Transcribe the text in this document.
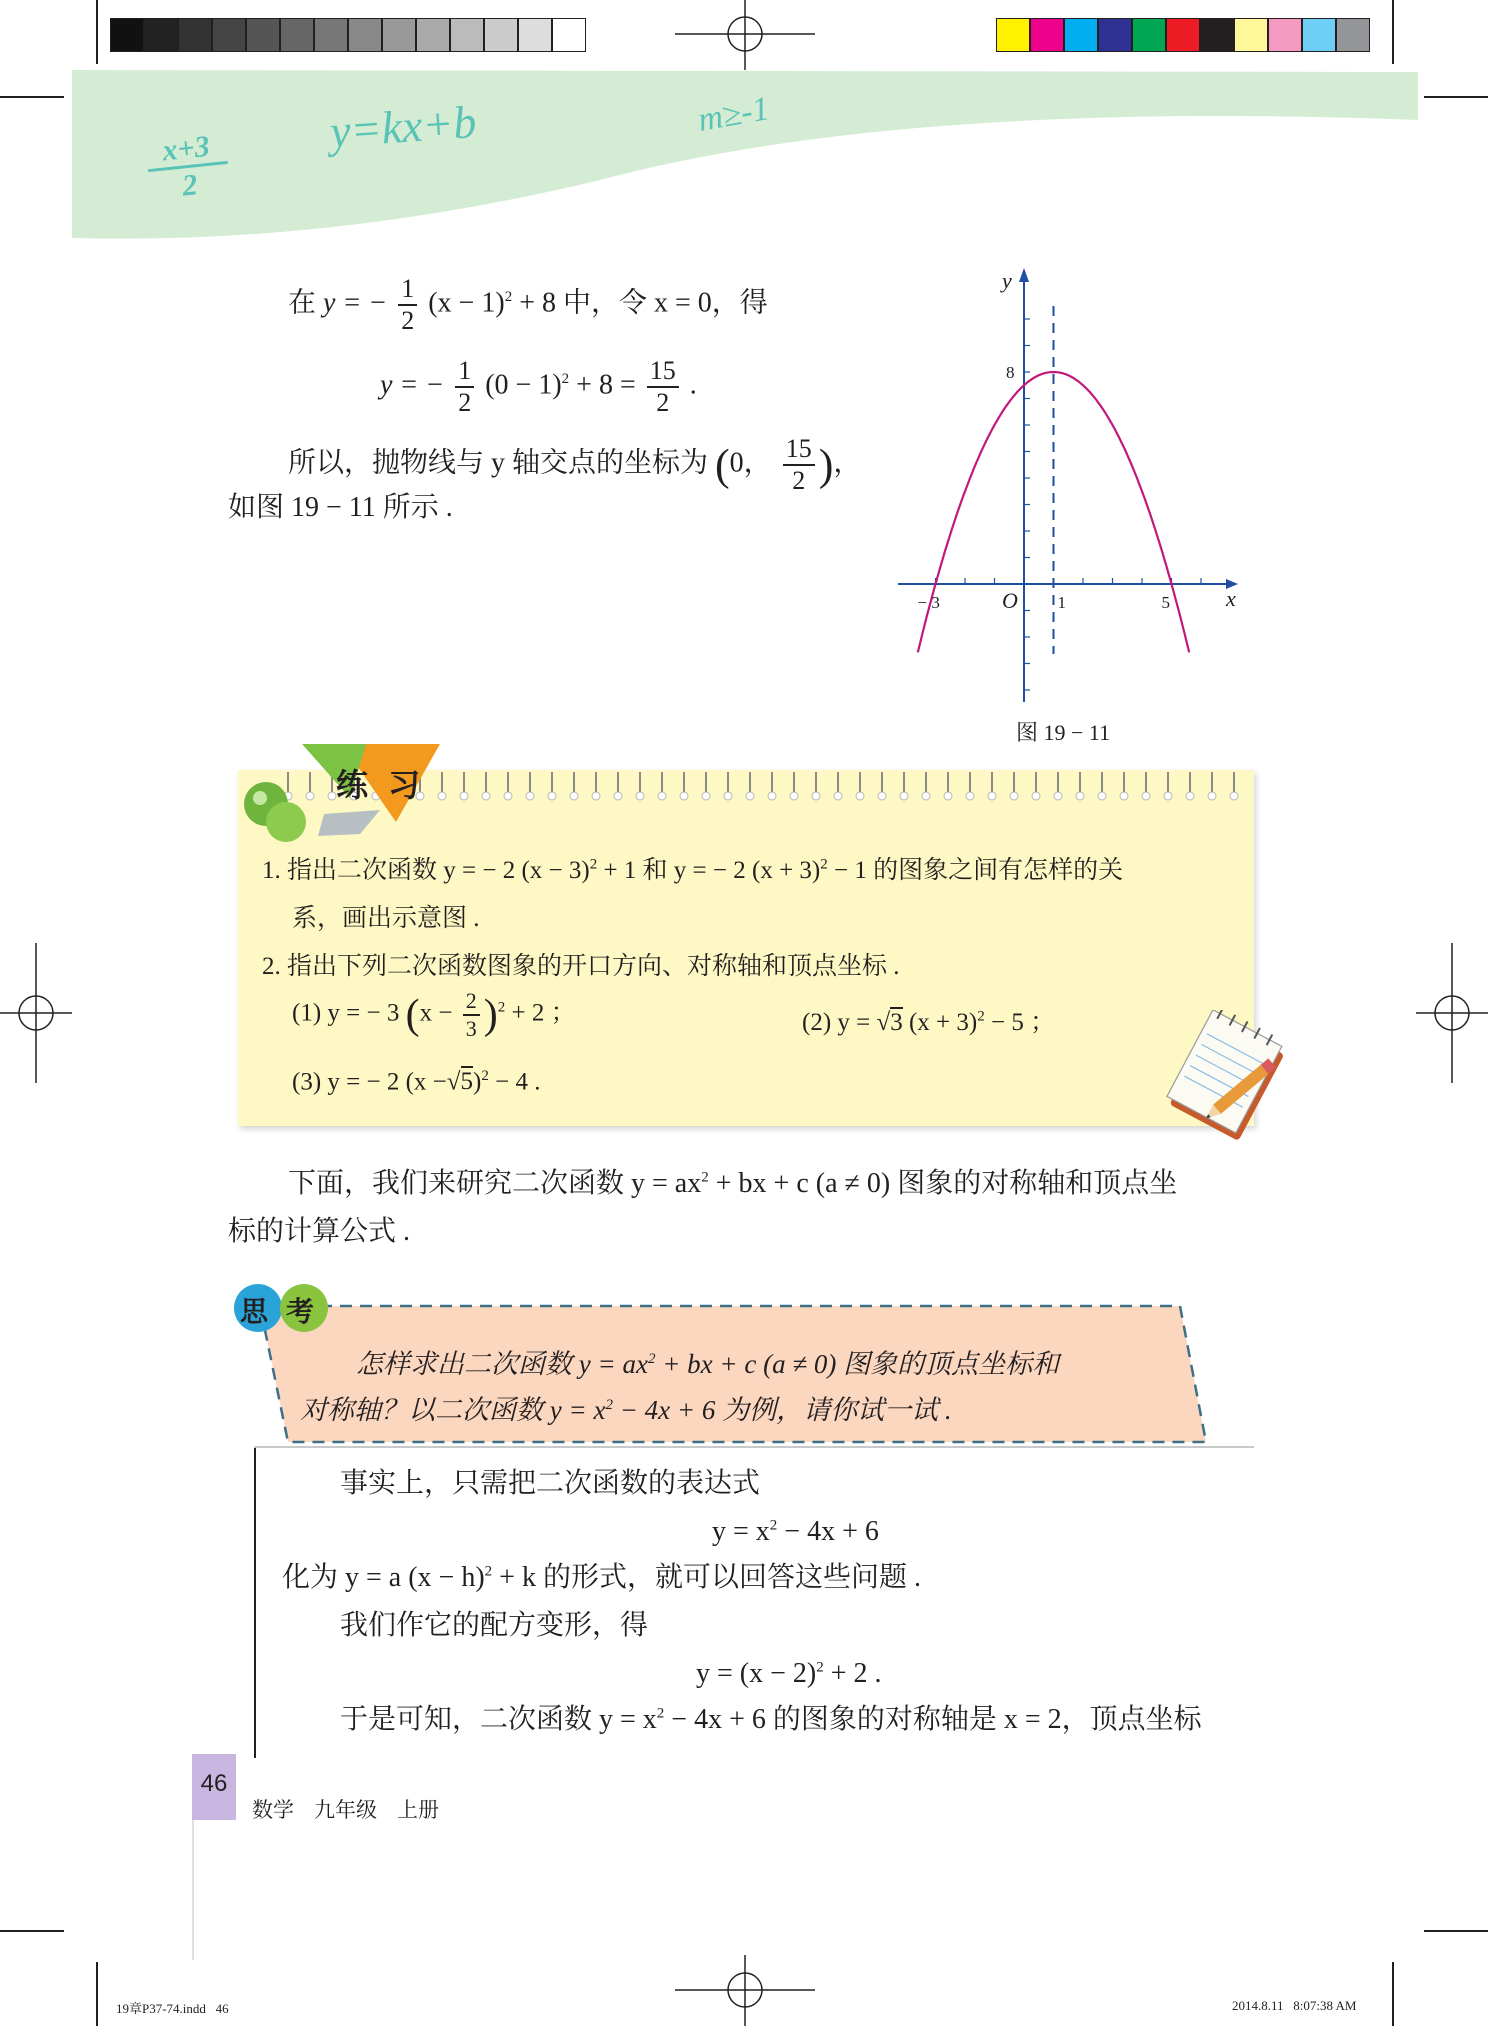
$\frac{x+3}{2}$
y=kx+b	m≥-1
在 y = − $\frac{1}{2} (x - 1)^2 + 8$ 中，令 x = 0，得
y = − $\frac{1}{2} (0 - 1)^2 + 8 = \frac{15}{2}$ .
所以，抛物线与 y 轴交点的坐标为 (0， $\frac{15}{2}$ )，
如图 19 − 11 所示 .
y
x
O
8
− 3	1	5
图 19 − 11
练 习
1. 指出二次函数 y = − 2 $(x - 3)^2 + 1$ 和 y = − 2 $(x + 3)^2 - 1$ 的图象之间有怎样的关
系，画出示意图 .
2. 指出下列二次函数图象的开口方向、对称轴和顶点坐标 .
(1) y = − 3 $(x - \frac{2}{3} )^2 + 2$ ；	(2) y = √3 $(x + 3)^2 - 5$ ；
(3) y = − 2 $(x -√5)^2 - 4$ .
下面，我们来研究二次函数 $y = ax^2$ + bx + c (a ≠ 0) 图象的对称轴和顶点坐
标的计算公式 .
思 考
怎样求出二次函数 $y = ax^2$ + bx + c (a ≠ 0) 图象的顶点坐标和
对称轴？以二次函数 $y = x^2 - 4x + 6$ 为例，请你试一试 .
事实上，只需把二次函数的表达式
$y = x^2 - 4x + 6$
化为 y = a $(x - h)^2 + k$ 的形式，就可以回答这些问题 .
我们作它的配方变形，得
$y = (x - 2)^2 + 2$ .
于是可知，二次函数 $y = x^2 - 4x + 6$ 的图象的对称轴是 x = 2，顶点坐标
46
数学   九年级   上册
19章P37-74.indd   46	2014.8.11   8:07:38 AM
